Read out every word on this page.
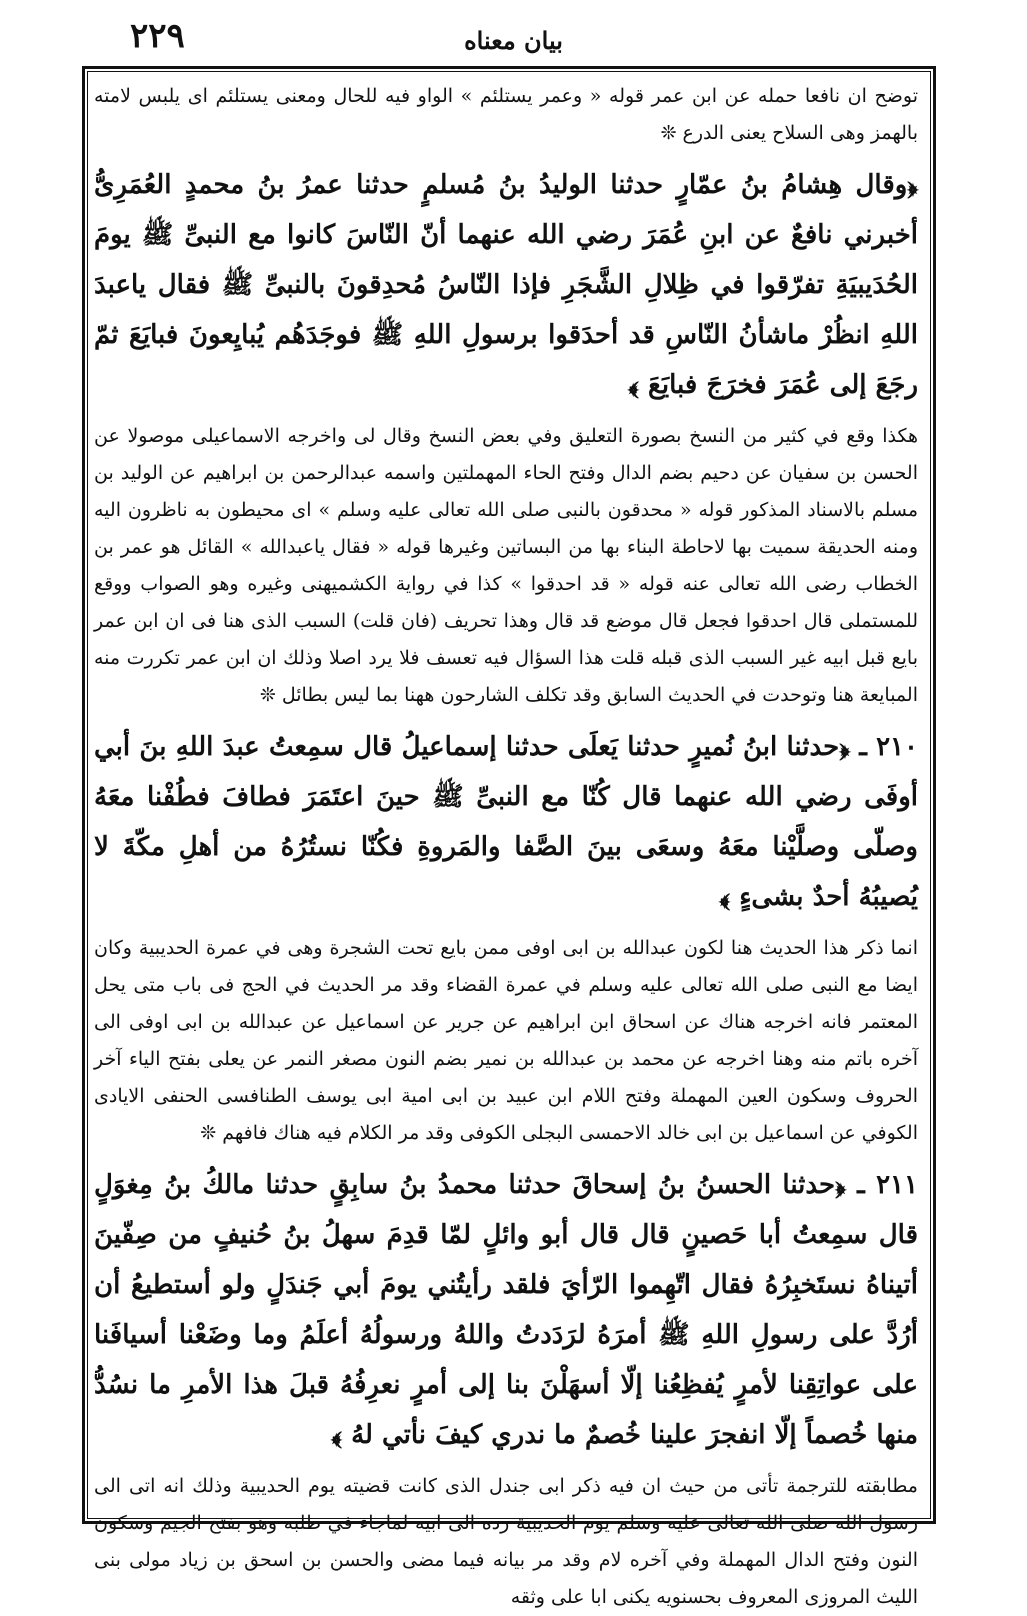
۲۲۹	بيان معناه

توضح ان نافعا حمله عن ابن عمر قوله « وعمر يستلئم » الواو فيه للحال ومعنى يستلئم اى يلبس لامته بالهمز وهى السلاح يعنى الدرع ❊

﴿وقال هِشامُ بنُ عمّارٍ حدثنا الوليدُ بنُ مُسلمٍ حدثنا عمرُ بنُ محمدٍ العُمَرِىُّ أخبرني نافعٌ عن ابنِ عُمَرَ رضي الله عنهما أنّ النّاسَ كانوا مع النبىِّ ﷺ يومَ الحُدَيبيَةِ تفرّقوا في ظِلالِ الشَّجَرِ فإذا النّاسُ مُحدِقونَ بالنبىِّ ﷺ فقال ياعبدَ اللهِ انظُرْ ماشأنُ النّاسِ قد أحدَقوا برسولِ اللهِ ﷺ فوجَدَهُم يُبايِعونَ فبايَعَ ثمّ رجَعَ إلى عُمَرَ فخرَجَ فبايَعَ ﴾

هكذا وقع في كثير من النسخ بصورة التعليق وفي بعض النسخ وقال لى واخرجه الاسماعيلى موصولا عن الحسن بن سفيان عن دحيم بضم الدال وفتح الحاء المهملتين واسمه عبدالرحمن بن ابراهيم عن الوليد بن مسلم بالاسناد المذكور قوله « محدقون بالنبى صلى الله تعالى عليه وسلم » اى محيطون به ناظرون اليه ومنه الحديقة سميت بها لاحاطة البناء بها من البساتين وغيرها قوله « فقال ياعبدالله » القائل هو عمر بن الخطاب رضى الله تعالى عنه قوله « قد احدقوا » كذا في رواية الكشميهنى وغيره وهو الصواب ووقع للمستملى قال احدقوا فجعل قال موضع قد قال وهذا تحريف (فان قلت) السبب الذى هنا فى ان ابن عمر بايع قبل ابيه غير السبب الذى قبله قلت هذا السؤال فيه تعسف فلا يرد اصلا وذلك ان ابن عمر تكررت منه المبايعة هنا وتوحدت في الحديث السابق وقد تكلف الشارحون ههنا بما ليس بطائل ❊

٢١٠ ـ ﴿حدثنا ابنُ نُميرٍ حدثنا يَعلَى حدثنا إسماعيلُ قال سمِعتُ عبدَ اللهِ بنَ أبي أوفَى رضي الله عنهما قال كُنّا مع النبىِّ ﷺ حينَ اعتَمَرَ فطافَ فطُفْنا معَهُ وصلّى وصلَّيْنا معَهُ وسعَى بينَ الصَّفا والمَروةِ فكُنّا نستُرُهُ من أهلِ مكّةَ لا يُصيبُهُ أحدٌ بشىءٍ ﴾

انما ذكر هذا الحديث هنا لكون عبدالله بن ابى اوفى ممن بايع تحت الشجرة وهى في عمرة الحديبية وكان ايضا مع النبى صلى الله تعالى عليه وسلم في عمرة القضاء وقد مر الحديث في الحج فى باب متى يحل المعتمر فانه اخرجه هناك عن اسحاق ابن ابراهيم عن جرير عن اسماعيل عن عبدالله بن ابى اوفى الى آخره باتم منه وهنا اخرجه عن محمد بن عبدالله بن نمير بضم النون مصغر النمر عن يعلى بفتح الياء آخر الحروف وسكون العين المهملة وفتح اللام ابن عبيد بن ابى امية ابى يوسف الطنافسى الحنفى الايادى الكوفي عن اسماعيل بن ابى خالد الاحمسى البجلى الكوفى وقد مر الكلام فيه هناك فافهم ❊

٢١١ ـ ﴿حدثنا الحسنُ بنُ إسحاقَ حدثنا محمدُ بنُ سابِقٍ حدثنا مالكُ بنُ مِغوَلٍ قال سمِعتُ أبا حَصينٍ قال قال أبو وائلٍ لمّا قدِمَ سهلُ بنُ حُنيفٍ من صِفّينَ أتيناهُ نستَخبِرُهُ فقال اتّهِموا الرّأيَ فلقد رأيتُني يومَ أبي جَندَلٍ ولو أستطيعُ أن أرُدَّ على رسولِ اللهِ ﷺ أمرَهُ لرَدَدتُ واللهُ ورسولُهُ أعلَمُ وما وضَعْنا أسيافَنا على عواتِقِنا لأمرٍ يُفظِعُنا إلّا أسهَلْنَ بنا إلى أمرٍ نعرِفُهُ قبلَ هذا الأمرِ ما نسُدُّ منها خُصماً إلّا انفجرَ علينا خُصمٌ ما ندري كيفَ نأتي لهُ ﴾

مطابقته للترجمة تأتى من حيث ان فيه ذكر ابى جندل الذى كانت قضيته يوم الحديبية وذلك انه اتى الى رسول الله صلى الله تعالى عليه وسلم يوم الحديبية رده الى ابيه لماجاء في طلبه وهو بفتح الجيم وسكون النون وفتح الدال المهملة وفي آخره لام وقد مر بيانه فيما مضى والحسن بن اسحق بن زياد مولى بنى الليث المروزى المعروف بحسنويه يكنى ابا على وثقه
